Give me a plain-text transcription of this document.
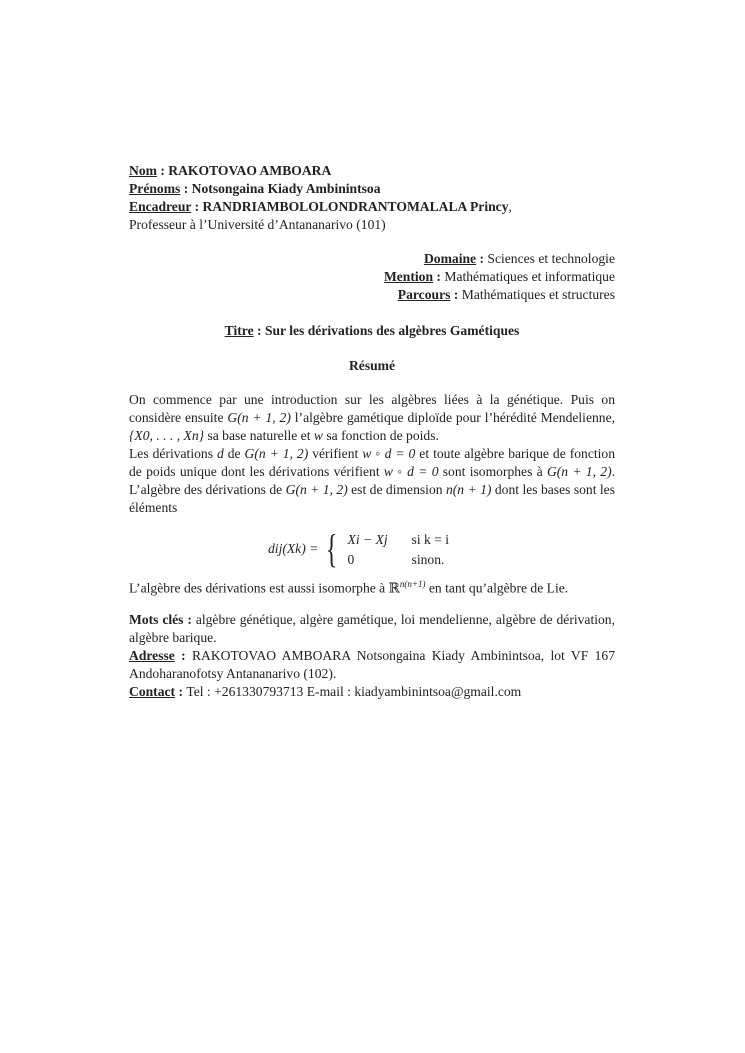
Nom : RAKOTOVAO AMBOARA
Prénoms : Notsongaina Kiady Ambinintsoa
Encadreur : RANDRIAMBOLOLONDRANTOMALALA Princy,
Professeur à l’Université d’Antananarivo (101)
Domaine : Sciences et technologie
Mention : Mathématiques et informatique
Parcours : Mathématiques et structures
Titre : Sur les dérivations des algèbres Gamétiques
Résumé
On commence par une introduction sur les algèbres liées à la génétique. Puis on considère ensuite G(n + 1, 2) l’algèbre gamétique diploïde pour l’hérédité Mendelienne, {X0, . . . , Xn} sa base naturelle et w sa fonction de poids.
Les dérivations d de G(n + 1, 2) vérifient w ◦ d = 0 et toute algèbre barique de fonction de poids unique dont les dérivations vérifient w ◦ d = 0 sont isomorphes à G(n + 1, 2). L’algèbre des dérivations de G(n + 1, 2) est de dimension n(n + 1) dont les bases sont les éléments
dij(Xk) = { Xi − Xj	si k = i
0	sinon.
L’algèbre des dérivations est aussi isomorphe à ℝ$^{n(n+1)}$ en tant qu’algèbre de Lie.
Mots clés : algèbre génétique, algère gamétique, loi mendelienne, algèbre de dérivation, algèbre barique.
Adresse : RAKOTOVAO AMBOARA Notsongaina Kiady Ambinintsoa, lot VF 167 Andoharanofotsy Antananarivo (102).
Contact : Tel : +261330793713 E-mail : kiadyambinintsoa@gmail.com
